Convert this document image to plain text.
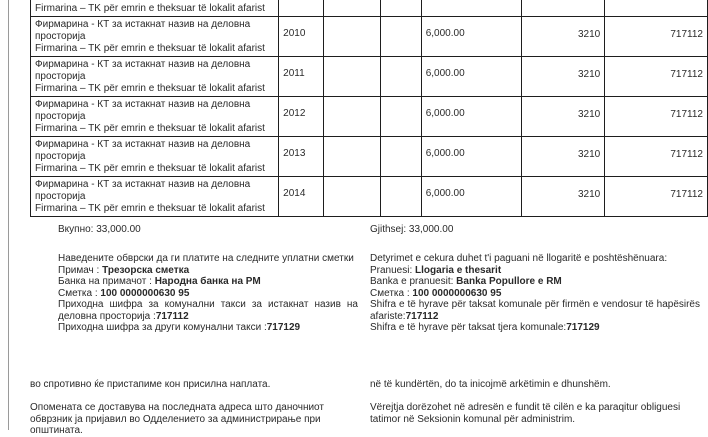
Firmarina – TK për emrin e theksuar të lokalit afarist						

Фирмарина - КТ за истакнат назив на деловна просторија
Firmarina – TK për emrin e theksuar të lokalit afarist	2010			6,000.00	3210	717112

Фирмарина - КТ за истакнат назив на деловна просторија
Firmarina – TK për emrin e theksuar të lokalit afarist	2011			6,000.00	3210	717112

Фирмарина - КТ за истакнат назив на деловна просторија
Firmarina – TK për emrin e theksuar të lokalit afarist	2012			6,000.00	3210	717112

Фирмарина - КТ за истакнат назив на деловна просторија
Firmarina – TK për emrin e theksuar të lokalit afarist	2013			6,000.00	3210	717112

Фирмарина - КТ за истакнат назив на деловна просторија
Firmarina – TK për emrin e theksuar të lokalit afarist	2014			6,000.00	3210	717112
Вкупно: 33,000.00	Gjithsej: 33,000.00
Наведените обврски да ги платите на следните уплатни сметки
Примач : Трезорска сметка
Банка на примачот : Народна банка на РМ
Сметка : 100 0000000630 95
Приходна шифра за комунални такси за истакнат назив на деловна просторија :717112
Приходна шифра за други комунални такси :717129
Detyrimet e cekura duhet t'i paguani në llogaritë e poshtëshënuara:
Pranuesi: Llogaria e thesarit
Banka e pranuesit: Banka Popullore e RM
Сметка : 100 0000000630 95
Shifra e të hyrave për taksat komunale për firmën e vendosur të hapësirës afariste:717112
Shifra e të hyrave për taksat tjera komunale:717129
во спротивно ќе пристапиме кон присилна наплата.	në të kundërtën, do ta inicojmë arkëtimin e dhunshëm.
Опомената се доставува на последната адреса што даночниот обврзник ја пријавил во Одделението за администрирање при општината.
Vërejtja dorëzohet në adresën e fundit të cilën e ka paraqitur obliguesi tatimor në Seksionin komunal për administrim.
